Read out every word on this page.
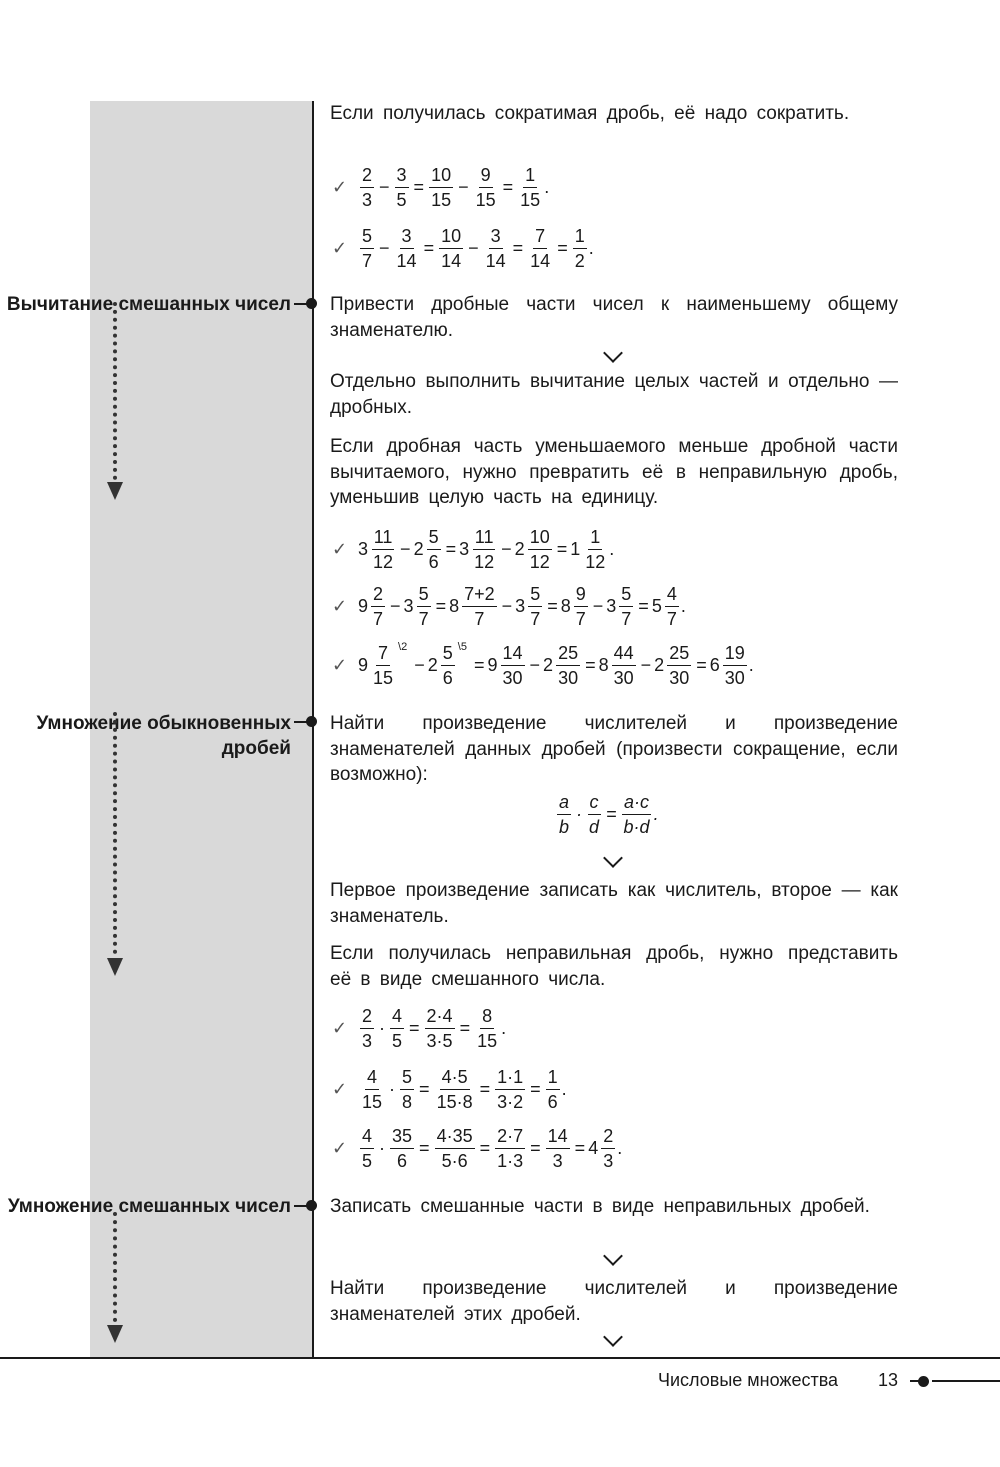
Вычитание смешанных чисел
Умножение обыкновенных дробей
Умножение смешанных чисел
Если получилась сократимая дробь, её надо сократить.
Привести дробные части чисел к наименьшему общему знаменателю.
Отдельно выполнить вычитание целых частей и отдельно — дробных.
Если дробная часть уменьшаемого меньше дробной части вычитаемого, нужно превратить её в неправильную дробь, уменьшив целую часть на единицу.
Найти произведение числителей и произведение знаменателей данных дробей (произвести сокращение, если возможно):
Первое произведение записать как числитель, второе — как знаменатель.
Если получилась неправильная дробь, нужно представить её в виде смешанного числа.
Записать смешанные части в виде неправильных дробей.
Найти произведение числителей и произведение знаменателей этих дробей.
✓ $\frac{2}{3} - \frac{3}{5} = \frac{10}{15} - \frac{9}{15} = \frac{1}{15}$ .
✓ $\frac{5}{7} - \frac{3}{14} = \frac{10}{14} - \frac{3}{14} = \frac{7}{14} = \frac{1}{2}$ .
✓ $3 \frac{11}{12} - 2 \frac{5}{6} = 3 \frac{11}{12} - 2 \frac{10}{12} = 1 \frac{1}{12}$ .
✓ $9 \frac{2}{7} - 3 \frac{5}{7} = 8 \frac{7+2}{7} - 3 \frac{5}{7} = 8 \frac{9}{7} - 3 \frac{5}{7} = 5 \frac{4}{7}$ .
✓ $9 \frac{7}{15}$ \2
− $2 \frac{5}{6}$ \5
= $9 \frac{14}{30} - 2 \frac{25}{30} = 8 \frac{44}{30} - 2 \frac{25}{30} = 6 \frac{19}{30}$ .
$\frac{a}{b} \cdot \frac{c}{d} = \frac{a\cdot c}{b\cdot d}$ .
✓ $\frac{2}{3} \cdot \frac{4}{5} = \frac{2\cdot 4}{3\cdot 5} = \frac{8}{15}$ .
✓ $\frac{4}{15} \cdot \frac{5}{8} = \frac{4\cdot 5}{15\cdot 8} = \frac{1\cdot 1}{3\cdot 2} = \frac{1}{6}$ .
✓ $\frac{4}{5} \cdot \frac{35}{6} = \frac{4\cdot 35}{5\cdot 6} = \frac{2\cdot 7}{1\cdot 3} = \frac{14}{3} = 4 \frac{2}{3}$ .
Числовые множества 13
